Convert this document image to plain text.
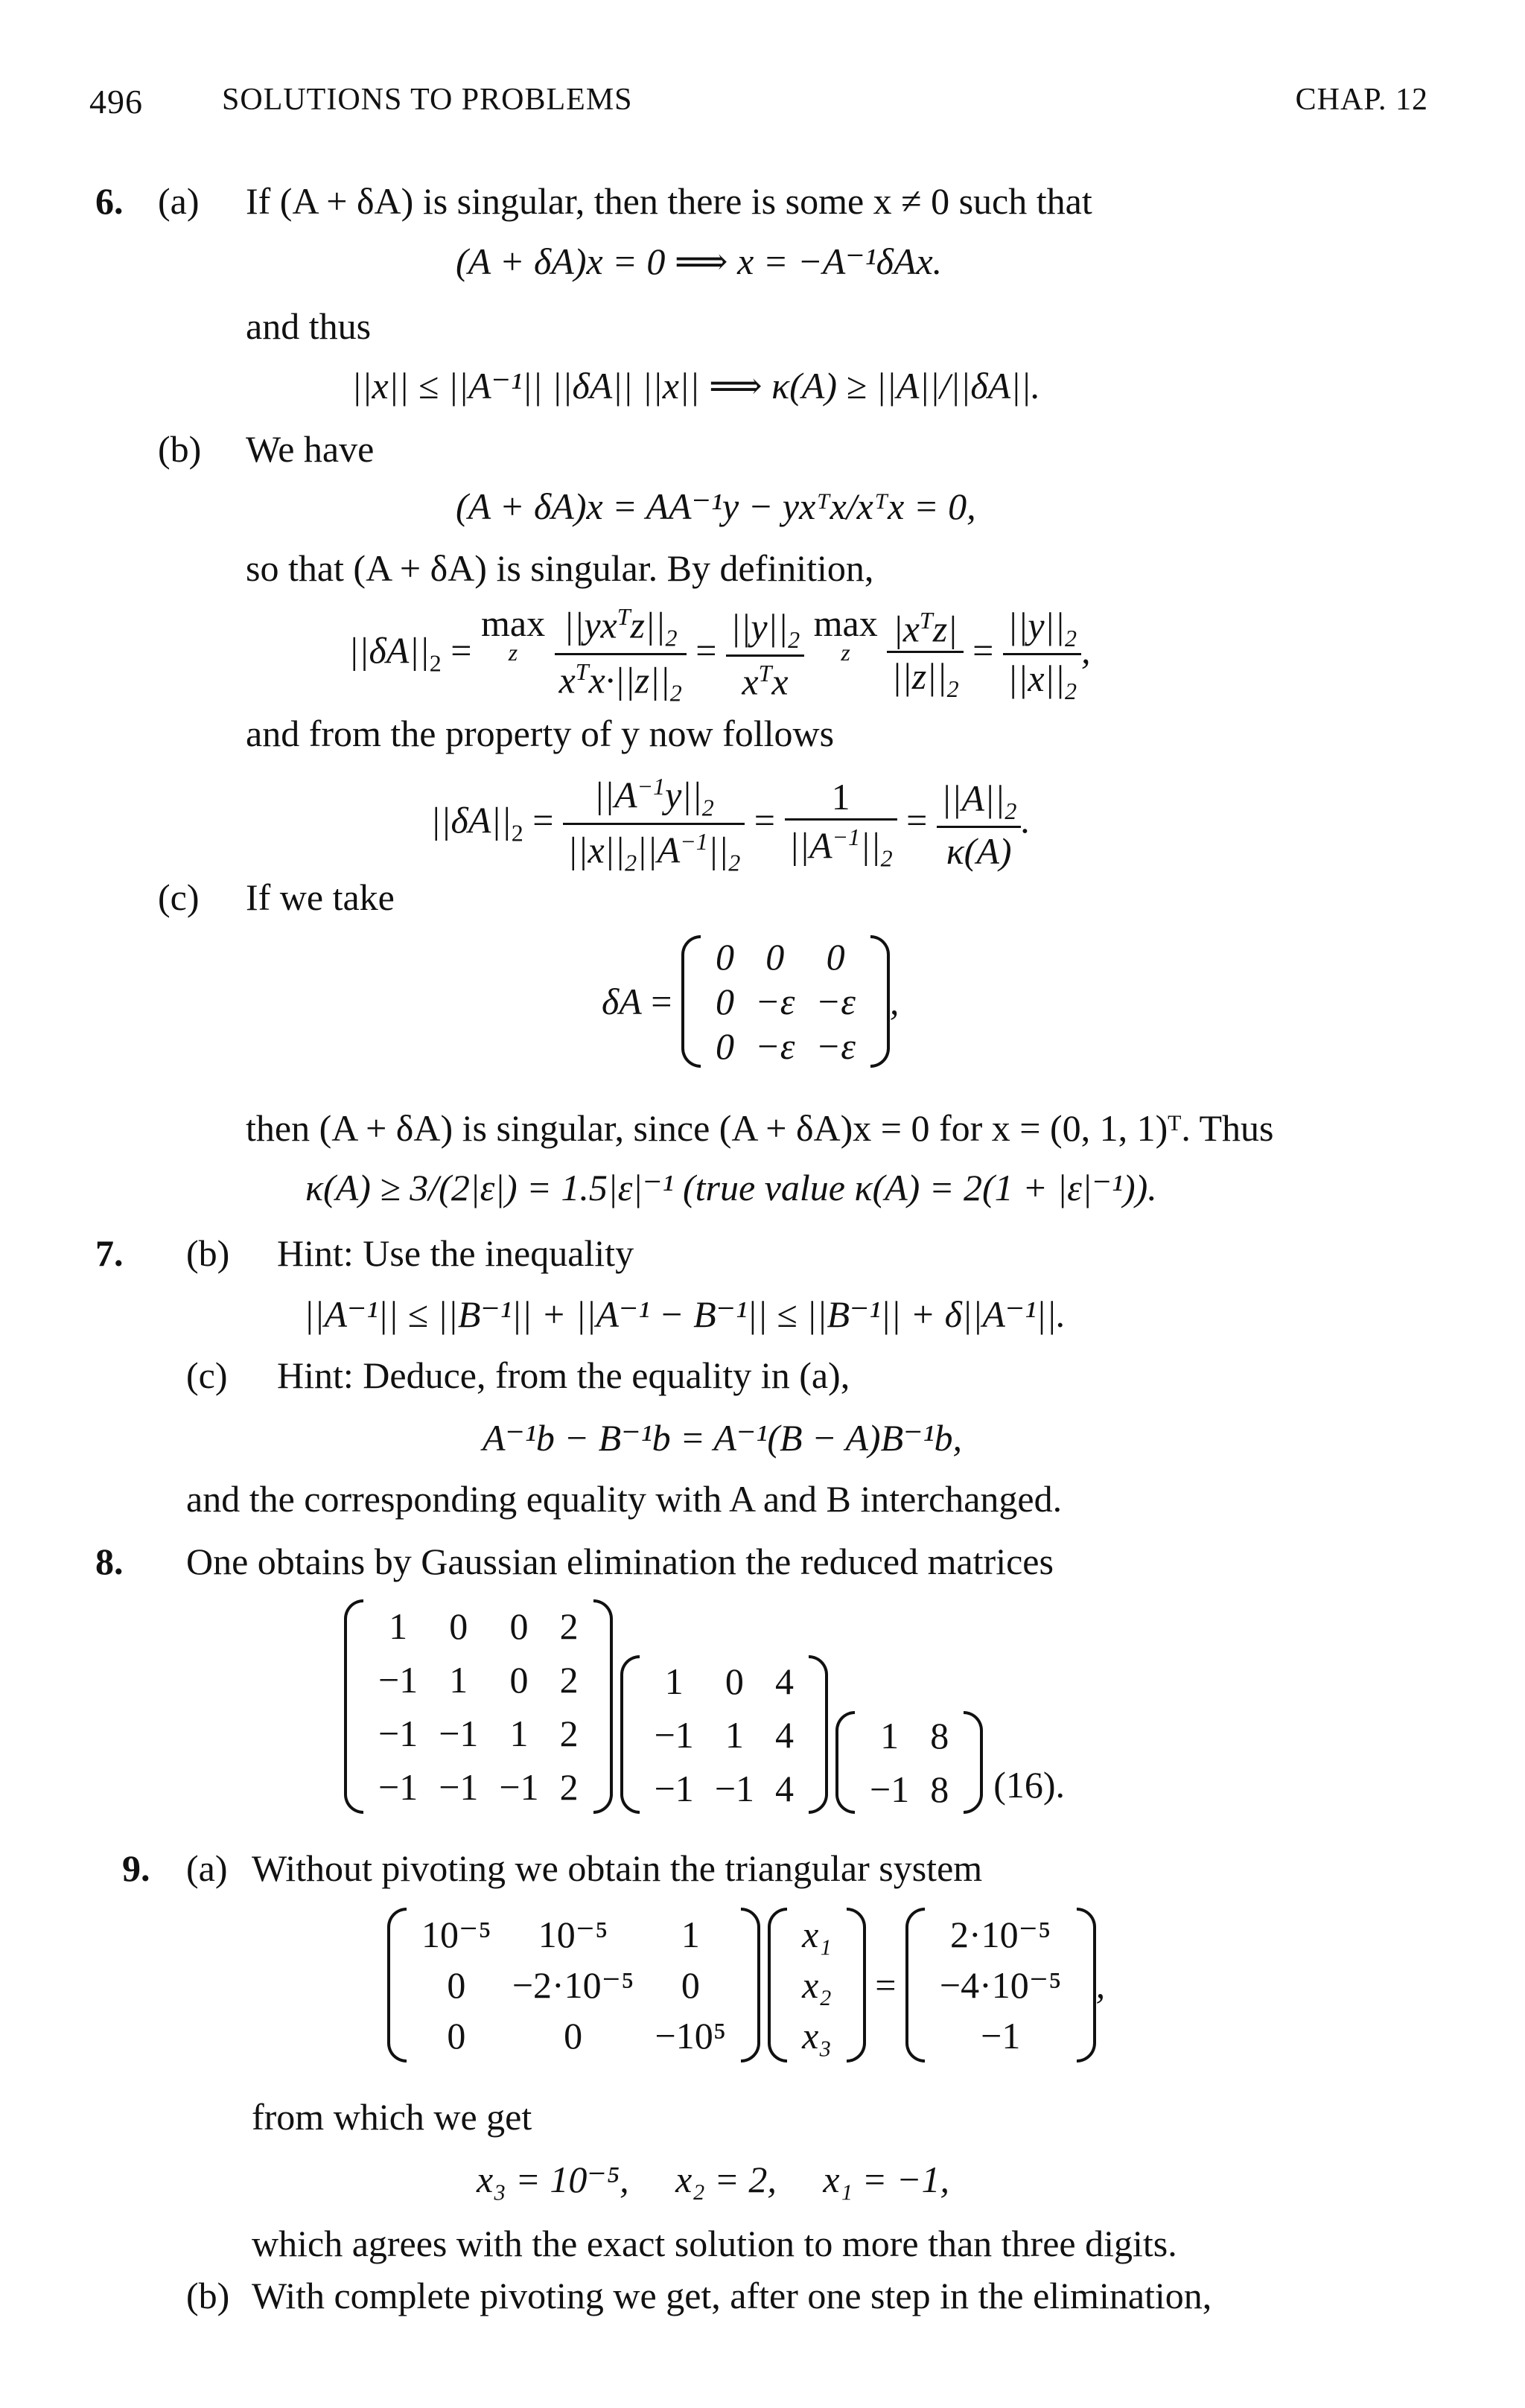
496	SOLUTIONS TO PROBLEMS	CHAP. 12
6. (a) If (A + δA) is singular, then there is some x ≠ 0 such that
(A + δA)x = 0 ⟹ x = −A⁻¹δAx.
and thus
||x|| ≤ ||A⁻¹|| ||δA|| ||x|| ⟹ κ(A) ≥ ||A||/||δA||.
(b) We have
(A + δA)x = AA⁻¹y − yxᵀx/xᵀx = 0,
so that (A + δA) is singular. By definition,
$||\delta A||_2 = \max$
z
$\frac{||yx^Tz||_2}{x^Tx\cdot||z||_2} = \frac{||y||_2}{x^Tx}$ max
z
$\frac{|x^Tz|}{||z||_2} = \frac{||y||_2}{||x||_2}$ ,
and from the property of y now follows
$||\delta A||_2 = \frac{||A^{-1}y||_2}{||x||_2||A^{-1}||_2} = \frac{1}{||A^{-1}||_2} = \frac{||A||_2}{\kappa(A)}$ .
(c) If we take
δA =
0 0	0
0 −ε −ε
0 −ε −ε
,
then (A + δA) is singular, since (A + δA)x = 0 for x = (0, 1, 1)ᵀ. Thus
κ(A) ≥ 3/(2|ε|) = 1.5|ε|⁻¹ (true value κ(A) = 2(1 + |ε|⁻¹)).
7. (b) Hint: Use the inequality
||A⁻¹|| ≤ ||B⁻¹|| + ||A⁻¹ − B⁻¹|| ≤ ||B⁻¹|| + δ||A⁻¹||.
(c) Hint: Deduce, from the equality in (a),
A⁻¹b − B⁻¹b = A⁻¹(B − A)B⁻¹b,
and the corresponding equality with A and B interchanged.
8. One obtains by Gaussian elimination the reduced matrices
1	0	0 2
−1 1	0 2
−1 −1 1 2
−1 −1 −1 2
1	0 4
−1 1 4
−1 −1 4
1 8
−1 8 (16).
9. (a) Without pivoting we obtain the triangular system
10⁻⁵	10⁻⁵	1
0	−2·10⁻⁵	0
0	0	−10⁵
x₁
x₂
x₃
=
2·10⁻⁵
−4·10⁻⁵
−1
,
from which we get
x₃ = 10⁻⁵,     x₂ = 2,     x₁ = −1,
which agrees with the exact solution to more than three digits.
(b) With complete pivoting we get, after one step in the elimination,
